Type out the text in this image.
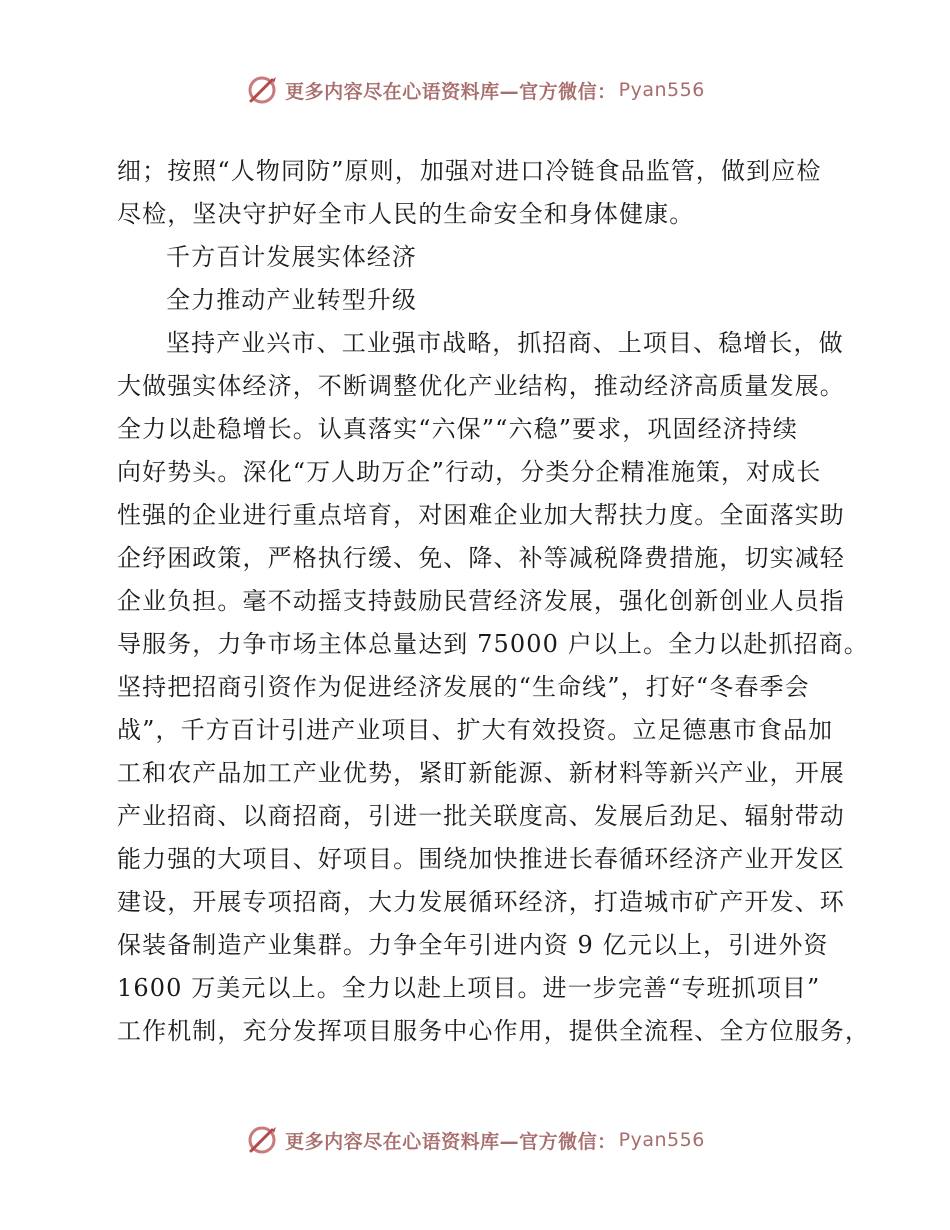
更多内容尽在心语资料库—官方微信： Pyan556
细；按照“人物同防”原则，加强对进口冷链食品监管，做到应检
尽检，坚决守护好全市人民的生命安全和身体健康。
千方百计发展实体经济
全力推动产业转型升级
坚持产业兴市、工业强市战略，抓招商、上项目、稳增长，做
大做强实体经济，不断调整优化产业结构，推动经济高质量发展。
全力以赴稳增长。认真落实“六保”“六稳”要求，巩固经济持续
向好势头。深化“万人助万企”行动，分类分企精准施策，对成长
性强的企业进行重点培育，对困难企业加大帮扶力度。全面落实助
企纾困政策，严格执行缓、免、降、补等减税降费措施，切实减轻
企业负担。毫不动摇支持鼓励民营经济发展，强化创新创业人员指
导服务，力争市场主体总量达到 75000 户以上。全力以赴抓招商。
坚持把招商引资作为促进经济发展的“生命线”，打好“冬春季会
战”，千方百计引进产业项目、扩大有效投资。立足德惠市食品加
工和农产品加工产业优势，紧盯新能源、新材料等新兴产业，开展
产业招商、以商招商，引进一批关联度高、发展后劲足、辐射带动
能力强的大项目、好项目。围绕加快推进长春循环经济产业开发区
建设，开展专项招商，大力发展循环经济，打造城市矿产开发、环
保装备制造产业集群。力争全年引进内资 9 亿元以上，引进外资
1600 万美元以上。全力以赴上项目。进一步完善“专班抓项目”
工作机制，充分发挥项目服务中心作用，提供全流程、全方位服务，
更多内容尽在心语资料库—官方微信： Pyan556
